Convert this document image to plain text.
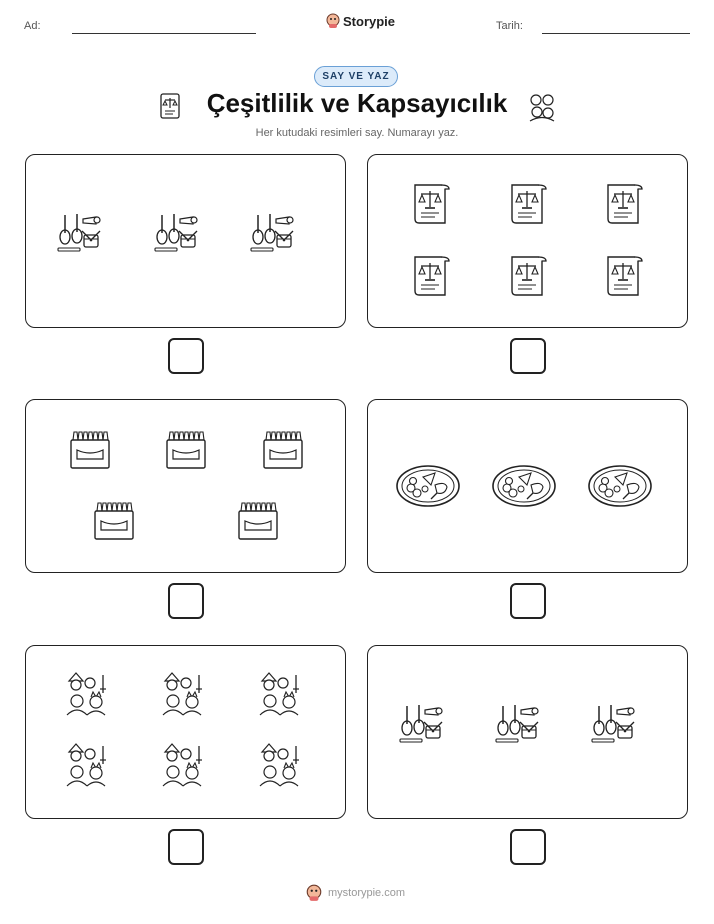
Ad:	Storypie	Tarih:
SAY VE YAZ
Çeşitlilik ve Kapsayıcılık
Her kutudaki resimleri say. Numarayı yaz.
mystorypie.com
